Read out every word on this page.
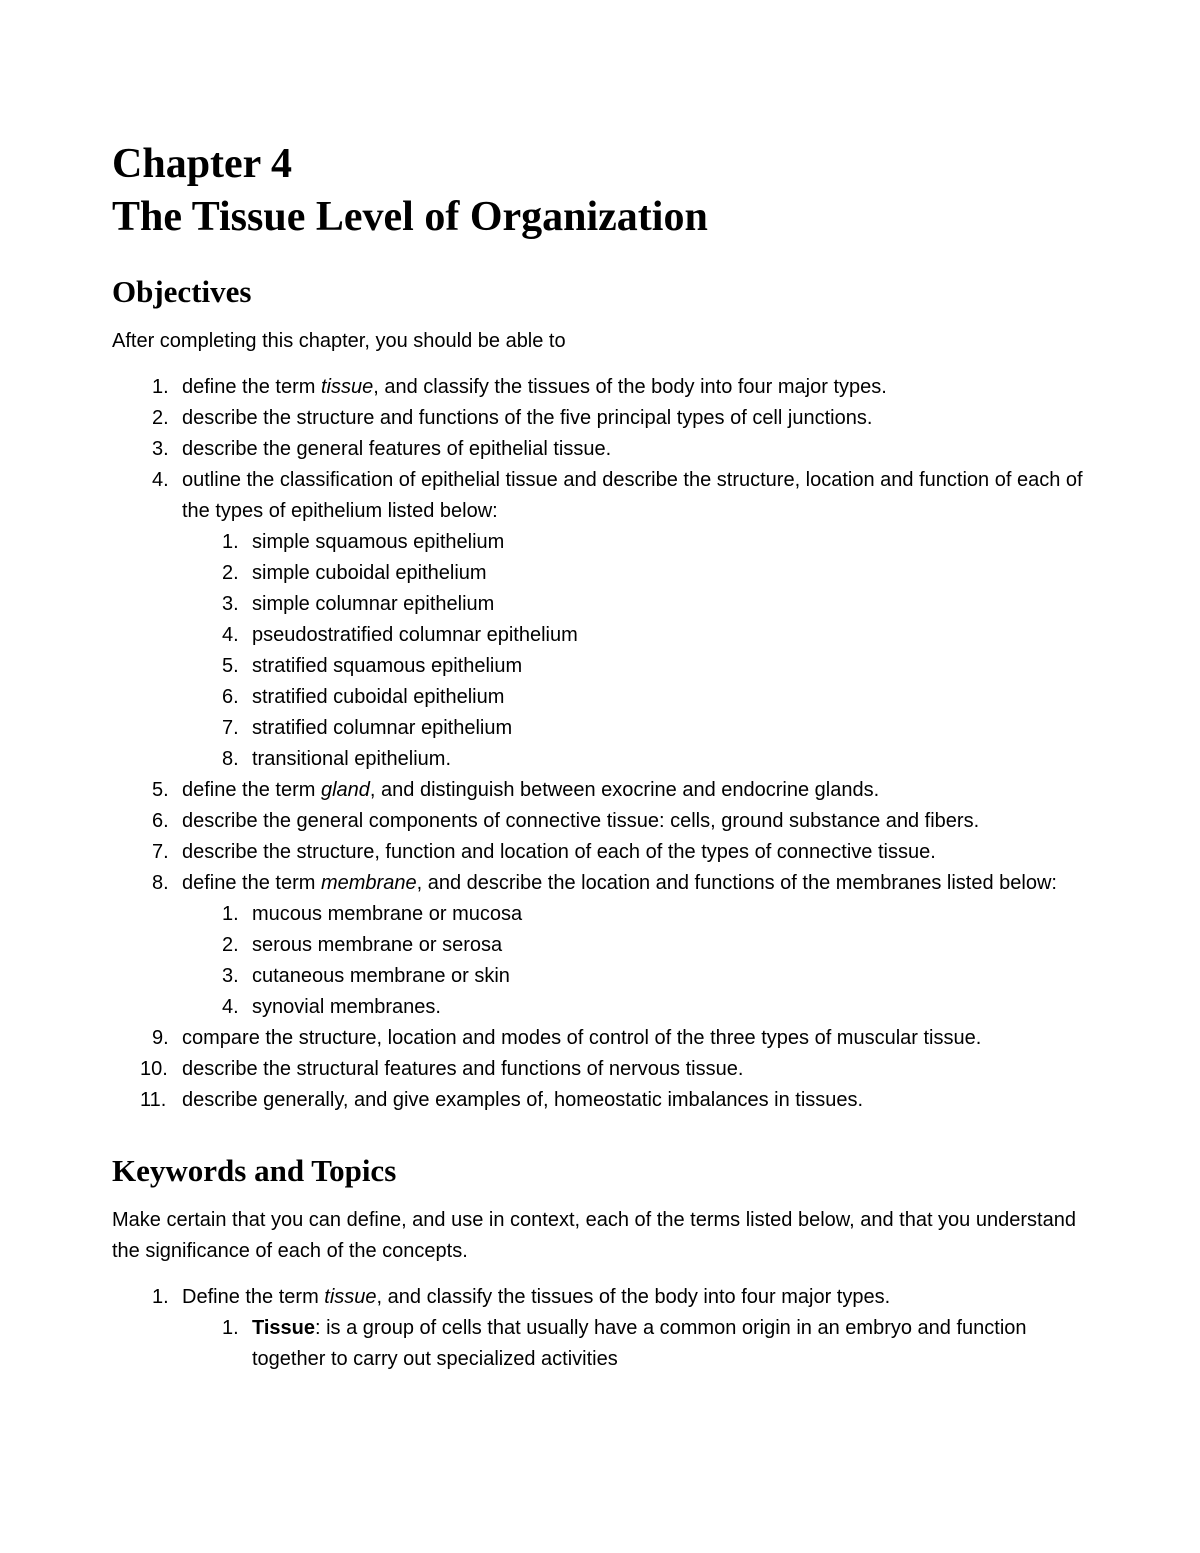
Chapter 4
The Tissue Level of Organization
Objectives

After completing this chapter, you should be able to

1. define the term tissue, and classify the tissues of the body into four major types.
2. describe the structure and functions of the five principal types of cell junctions.
3. describe the general features of epithelial tissue.
4. outline the classification of epithelial tissue and describe the structure, location and function of each of the types of epithelium listed below:
1. simple squamous epithelium
2. simple cuboidal epithelium
3. simple columnar epithelium
4. pseudostratified columnar epithelium
5. stratified squamous epithelium
6. stratified cuboidal epithelium
7. stratified columnar epithelium
8. transitional epithelium.
5. define the term gland, and distinguish between exocrine and endocrine glands.
6. describe the general components of connective tissue: cells, ground substance and fibers.
7. describe the structure, function and location of each of the types of connective tissue.
8. define the term membrane, and describe the location and functions of the membranes listed below:
1. mucous membrane or mucosa
2. serous membrane or serosa
3. cutaneous membrane or skin
4. synovial membranes.
9. compare the structure, location and modes of control of the three types of muscular tissue.
10. describe the structural features and functions of nervous tissue.
11. describe generally, and give examples of, homeostatic imbalances in tissues.
Keywords and Topics

Make certain that you can define, and use in context, each of the terms listed below, and that you understand the significance of each of the concepts.

1. Define the term tissue, and classify the tissues of the body into four major types.
1. Tissue: is a group of cells that usually have a common origin in an embryo and function together to carry out specialized activities
